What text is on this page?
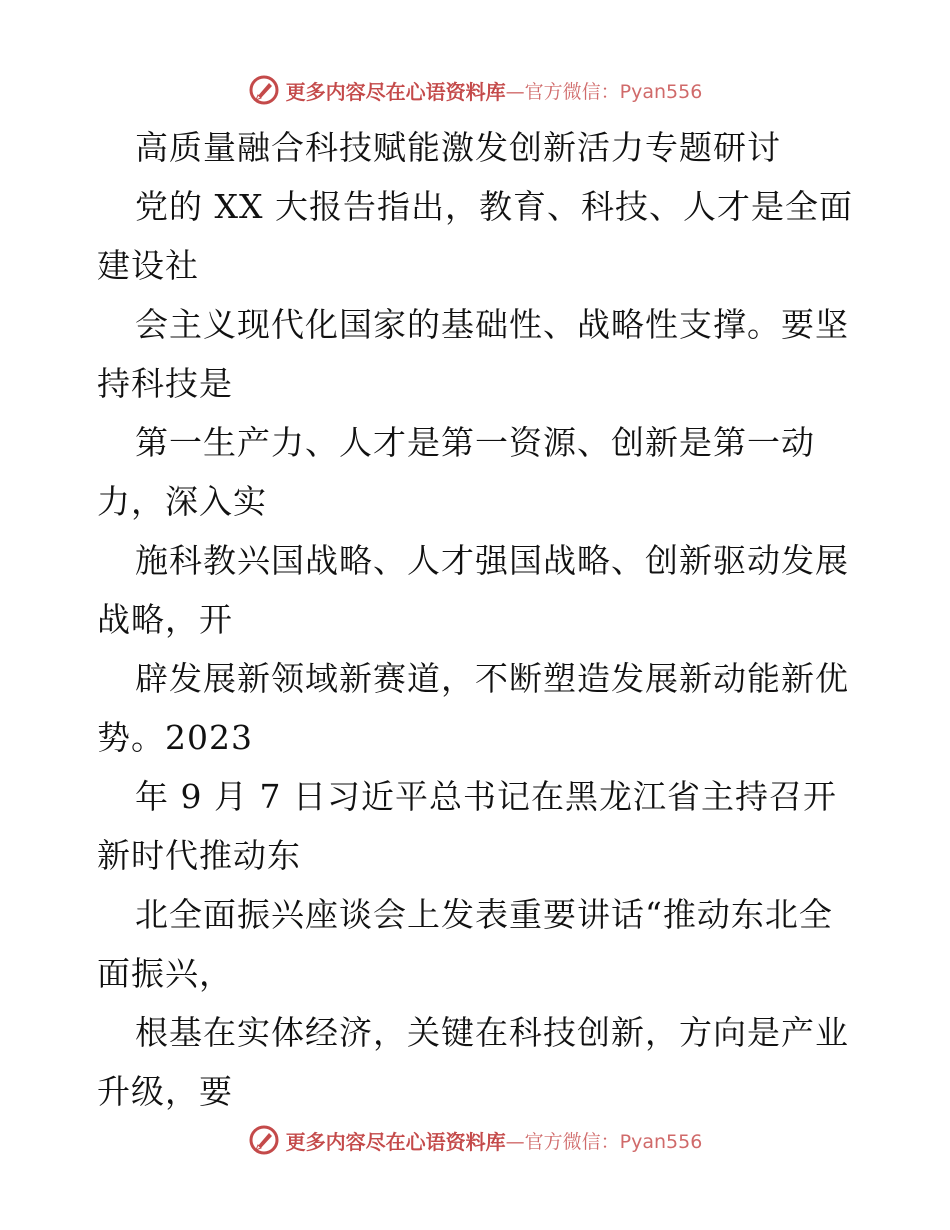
更多内容尽在心语资料库 —官方微信：Pyan556
高质量融合科技赋能激发创新活力专题研讨
党的 XX 大报告指出，教育、科技、人才是全面
建设社
会主义现代化国家的基础性、战略性支撑。要坚
持科技是
第一生产力、人才是第一资源、创新是第一动
力，深入实
施科教兴国战略、人才强国战略、创新驱动发展
战略，开
辟发展新领域新赛道，不断塑造发展新动能新优
势。2023
年 9 月 7 日习近平总书记在黑龙江省主持召开
新时代推动东
北全面振兴座谈会上发表重要讲话“推动东北全
面振兴，
根基在实体经济，关键在科技创新，方向是产业
升级，要
更多内容尽在心语资料库 —官方微信：Pyan556
